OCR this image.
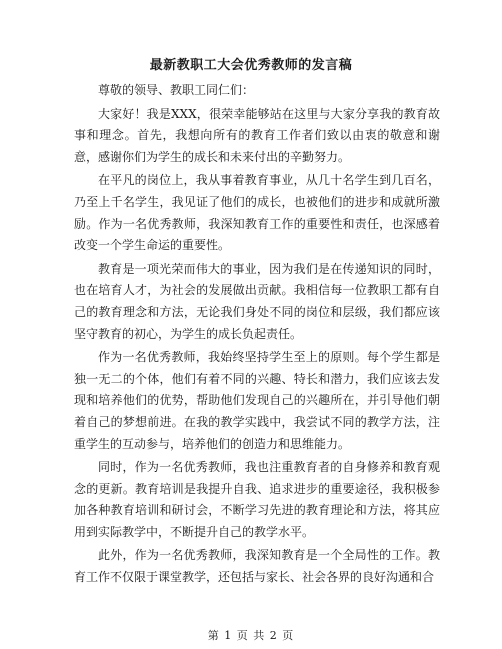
最新教职工大会优秀教师的发言稿

尊敬的领导、教职工同仁们：

大家好！我是XXX，很荣幸能够站在这里与大家分享我的教育故事和理念。首先，我想向所有的教育工作者们致以由衷的敬意和谢意，感谢你们为学生的成长和未来付出的辛勤努力。

在平凡的岗位上，我从事着教育事业，从几十名学生到几百名，乃至上千名学生，我见证了他们的成长，也被他们的进步和成就所激励。作为一名优秀教师，我深知教育工作的重要性和责任，也深感着改变一个学生命运的重要性。

教育是一项光荣而伟大的事业，因为我们是在传递知识的同时，也在培育人才，为社会的发展做出贡献。我相信每一位教职工都有自己的教育理念和方法，无论我们身处不同的岗位和层级，我们都应该坚守教育的初心，为学生的成长负起责任。

作为一名优秀教师，我始终坚持学生至上的原则。每个学生都是独一无二的个体，他们有着不同的兴趣、特长和潜力，我们应该去发现和培养他们的优势，帮助他们发现自己的兴趣所在，并引导他们朝着自己的梦想前进。在我的教学实践中，我尝试不同的教学方法，注重学生的互动参与，培养他们的创造力和思维能力。

同时，作为一名优秀教师，我也注重教育者的自身修养和教育观念的更新。教育培训是我提升自我、追求进步的重要途径，我积极参加各种教育培训和研讨会，不断学习先进的教育理论和方法，将其应用到实际教学中，不断提升自己的教学水平。

此外，作为一名优秀教师，我深知教育是一个全局性的工作。教育工作不仅限于课堂教学，还包括与家长、社会各界的良好沟通和合

第 1 页 共 2 页
